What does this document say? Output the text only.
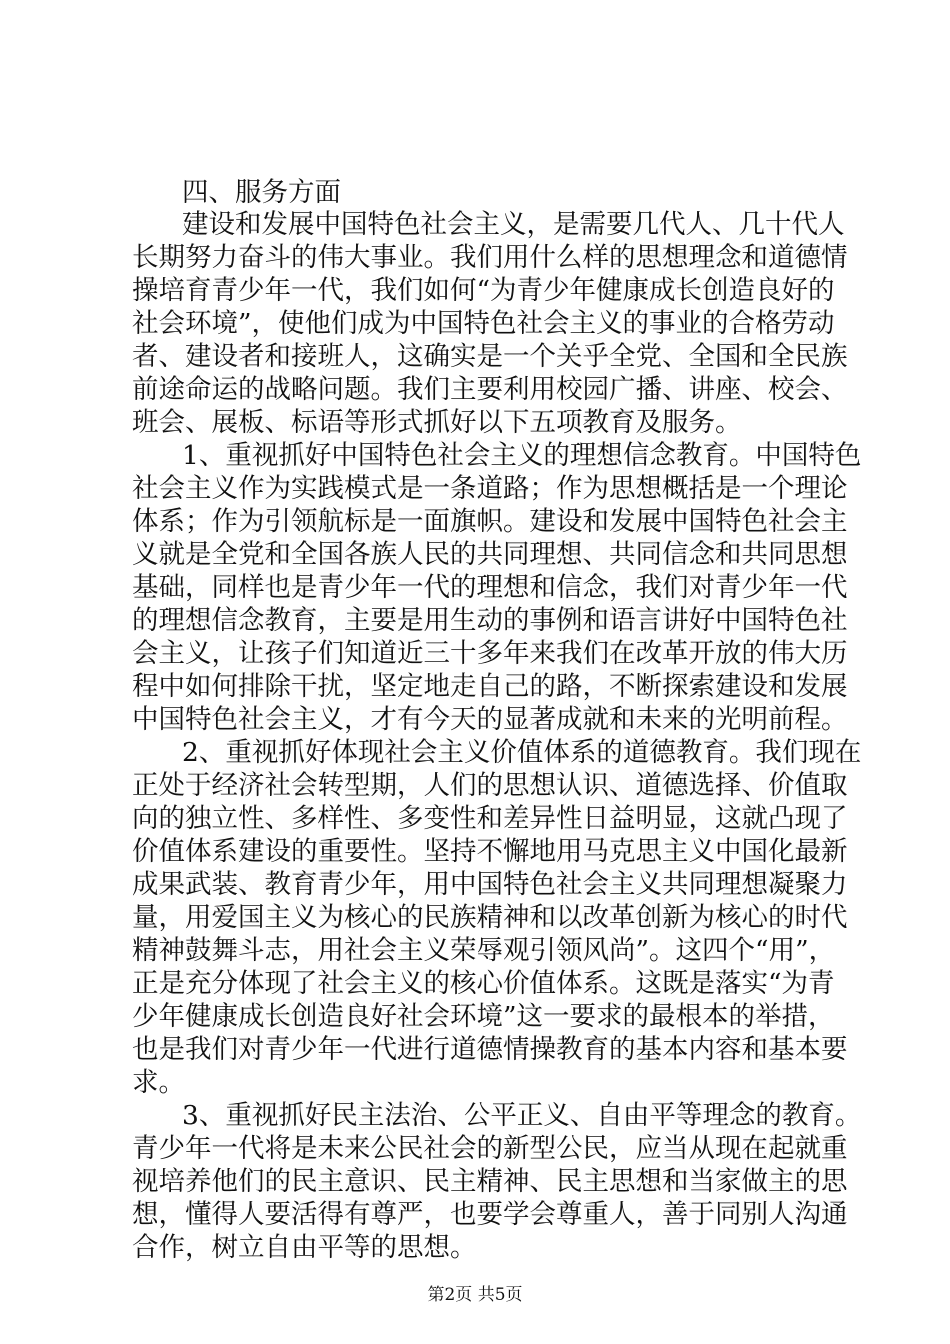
四、服务方面
建设和发展中国特色社会主义，是需要几代人、几十代人
长期努力奋斗的伟大事业。我们用什么样的思想理念和道德情
操培育青少年一代，我们如何“为青少年健康成长创造良好的
社会环境”，使他们成为中国特色社会主义的事业的合格劳动
者、建设者和接班人，这确实是一个关乎全党、全国和全民族
前途命运的战略问题。我们主要利用校园广播、讲座、校会、
班会、展板、标语等形式抓好以下五项教育及服务。
1、重视抓好中国特色社会主义的理想信念教育。中国特色
社会主义作为实践模式是一条道路；作为思想概括是一个理论
体系；作为引领航标是一面旗帜。建设和发展中国特色社会主
义就是全党和全国各族人民的共同理想、共同信念和共同思想
基础，同样也是青少年一代的理想和信念，我们对青少年一代
的理想信念教育，主要是用生动的事例和语言讲好中国特色社
会主义，让孩子们知道近三十多年来我们在改革开放的伟大历
程中如何排除干扰，坚定地走自己的路，不断探索建设和发展
中国特色社会主义，才有今天的显著成就和未来的光明前程。
2、重视抓好体现社会主义价值体系的道德教育。我们现在
正处于经济社会转型期，人们的思想认识、道德选择、价值取
向的独立性、多样性、多变性和差异性日益明显，这就凸现了
价值体系建设的重要性。坚持不懈地用马克思主义中国化最新
成果武装、教育青少年，用中国特色社会主义共同理想凝聚力
量，用爱国主义为核心的民族精神和以改革创新为核心的时代
精神鼓舞斗志，用社会主义荣辱观引领风尚”。这四个“用”，
正是充分体现了社会主义的核心价值体系。这既是落实“为青
少年健康成长创造良好社会环境”这一要求的最根本的举措，
也是我们对青少年一代进行道德情操教育的基本内容和基本要
求。
3、重视抓好民主法治、公平正义、自由平等理念的教育。
青少年一代将是未来公民社会的新型公民，应当从现在起就重
视培养他们的民主意识、民主精神、民主思想和当家做主的思
想，懂得人要活得有尊严，也要学会尊重人，善于同别人沟通
合作，树立自由平等的思想。
第2页 共5页
